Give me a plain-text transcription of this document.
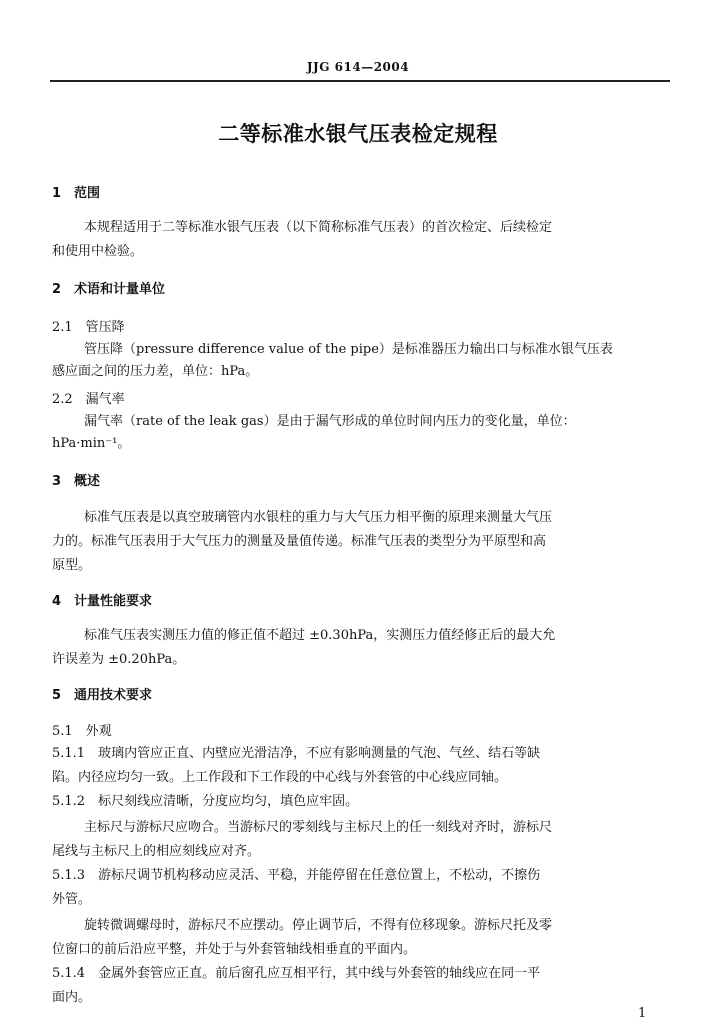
JJG 614—2004
二等标准水银气压表检定规程
1　范围
本规程适用于二等标准水银气压表（以下简称标准气压表）的首次检定、后续检定
和使用中检验。
2　术语和计量单位
2.1　管压降
管压降（pressure difference value of the pipe）是标准器压力输出口与标准水银气压表
感应面之间的压力差，单位：hPa。
2.2　漏气率
漏气率（rate of the leak gas）是由于漏气形成的单位时间内压力的变化量，单位：
hPa·min⁻¹。
3　概述
标准气压表是以真空玻璃管内水银柱的重力与大气压力相平衡的原理来测量大气压
力的。标准气压表用于大气压力的测量及量值传递。标准气压表的类型分为平原型和高
原型。
4　计量性能要求
标准气压表实测压力值的修正值不超过 ±0.30hPa，实测压力值经修正后的最大允
许误差为 ±0.20hPa。
5　通用技术要求
5.1　外观
5.1.1　玻璃内管应正直、内壁应光滑洁净，不应有影响测量的气泡、气丝、结石等缺
陷。内径应均匀一致。上工作段和下工作段的中心线与外套管的中心线应同轴。
5.1.2　标尺刻线应清晰，分度应均匀，填色应牢固。
主标尺与游标尺应吻合。当游标尺的零刻线与主标尺上的任一刻线对齐时，游标尺
尾线与主标尺上的相应刻线应对齐。
5.1.3　游标尺调节机构移动应灵活、平稳，并能停留在任意位置上，不松动，不擦伤
外管。
旋转微调螺母时，游标尺不应摆动。停止调节后，不得有位移现象。游标尺托及零
位窗口的前后沿应平整，并处于与外套管轴线相垂直的平面内。
5.1.4　金属外套管应正直。前后窗孔应互相平行，其中线与外套管的轴线应在同一平
面内。
1
